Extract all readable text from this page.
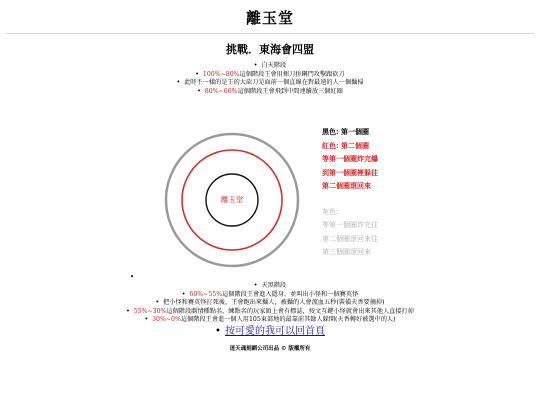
離玉堂
挑戰．東海會四盟
• 白天階段
• 100%~80%這個階段王會用揮刀拚鋼門攻擊跟砍刀
• 此時不一樣的是王的大砍刀是面前一個直線在對最遠的人一個攝掃
• 80%~60%這個階段王會飛到中間連續放三個紅圈
離玉堂
黑色: 第一個圈
紅色: 第二個圈
等第一個圈炸完爆
到第一個圈裡躲往
第二個圈滾回來
灰色:
等第一個圈炸完往
第二個圈滾回來往
第三個圈滾回來
•
• 天黑階段
• 60%~55%這個階段王會進入隱身，並叫出小怪和一個賽英怪
• 把小怪和賽英怪打死後，王會跑出來攝人，被攝的人會流血五秒(裝備天香要摘掉)
• 55%~30%這個階段劇情種點名，練點名的玩家頭上會有標誌，按文互鍵小怪就會出來其他人直接打掉
• 30%~0%這個階段王會進一個人用105東部地的最靠前其餘人躲開(天香轉好被選中的人)
• 按可愛的我可以回首頁
迷天魂刻網公司出品 © 版權所有
